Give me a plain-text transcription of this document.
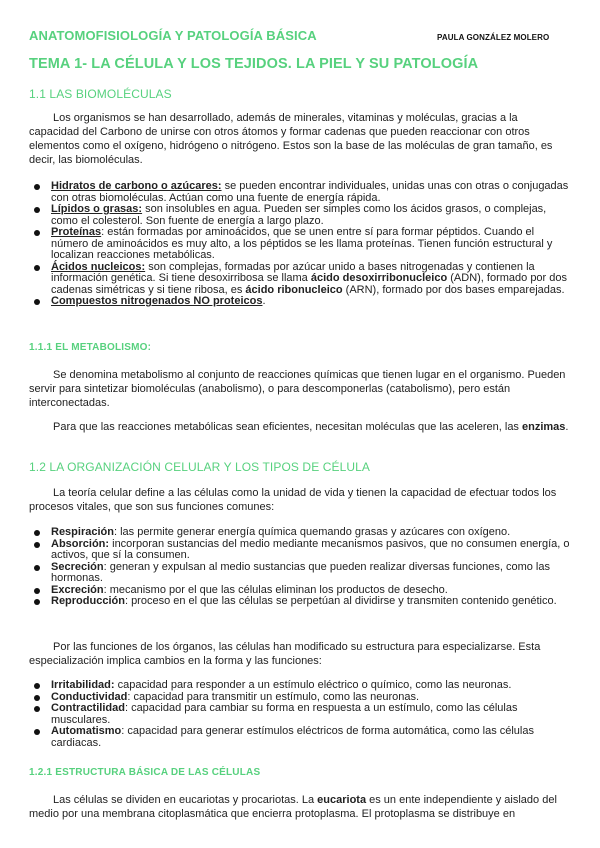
ANATOMOFISIOLOGÍA Y PATOLOGÍA BÁSICA	PAULA GONZÁLEZ MOLERO
TEMA 1- LA CÉLULA Y LOS TEJIDOS. LA PIEL Y SU PATOLOGÍA
1.1 LAS BIOMOLÉCULAS

Los organismos se han desarrollado, además de minerales, vitaminas y moléculas, gracias a la capacidad del Carbono de unirse con otros átomos y formar cadenas que pueden reaccionar con otros elementos como el oxígeno, hidrógeno o nitrógeno. Estos son la base de las moléculas de gran tamaño, es decir, las biomoléculas.

Hidratos de carbono o azúcares: se pueden encontrar individuales, unidas unas con otras o conjugadas con otras biomoléculas. Actúan como una fuente de energía rápida.
Lípidos o grasas: son insolubles en agua. Pueden ser simples como los ácidos grasos, o complejas, como el colesterol. Son fuente de energía a largo plazo.
Proteínas: están formadas por aminoácidos, que se unen entre sí para formar péptidos. Cuando el número de aminoácidos es muy alto, a los péptidos se les llama proteínas. Tienen función estructural y localizan reacciones metabólicas.
Ácidos nucleicos: son complejas, formadas por azúcar unido a bases nitrogenadas y contienen la información genética. Si tiene desoxirribosa se llama ácido desoxirribonucleico (ADN), formado por dos cadenas simétricas y si tiene ribosa, es ácido ribonucleico (ARN), formado por dos bases emparejadas.
Compuestos nitrogenados NO proteicos.
1.1.1 EL METABOLISMO:

Se denomina metabolismo al conjunto de reacciones químicas que tienen lugar en el organismo. Pueden servir para sintetizar biomoléculas (anabolismo), o para descomponerlas (catabolismo), pero están interconectadas.

Para que las reacciones metabólicas sean eficientes, necesitan moléculas que las aceleren, las enzimas.

1.2 LA ORGANIZACIÓN CELULAR Y LOS TIPOS DE CÉLULA

La teoría celular define a las células como la unidad de vida y tienen la capacidad de efectuar todos los procesos vitales, que son sus funciones comunes:

Respiración: las permite generar energía química quemando grasas y azúcares con oxígeno.
Absorción: incorporan sustancias del medio mediante mecanismos pasivos, que no consumen energía, o activos, que sí la consumen.
Secreción: generan y expulsan al medio sustancias que pueden realizar diversas funciones, como las hormonas.
Excreción: mecanismo por el que las células eliminan los productos de desecho.
Reproducción: proceso en el que las células se perpetúan al dividirse y transmiten contenido genético.

Por las funciones de los órganos, las células han modificado su estructura para especializarse. Esta especialización implica cambios en la forma y las funciones:

Irritabilidad: capacidad para responder a un estímulo eléctrico o químico, como las neuronas.
Conductividad: capacidad para transmitir un estímulo, como las neuronas.
Contractilidad: capacidad para cambiar su forma en respuesta a un estímulo, como las células musculares.
Automatismo: capacidad para generar estímulos eléctricos de forma automática, como las células cardiacas.
1.2.1 ESTRUCTURA BÁSICA DE LAS CÉLULAS

Las células se dividen en eucariotas y procariotas. La eucariota es un ente independiente y aislado del medio por una membrana citoplasmática que encierra protoplasma. El protoplasma se distribuye en
